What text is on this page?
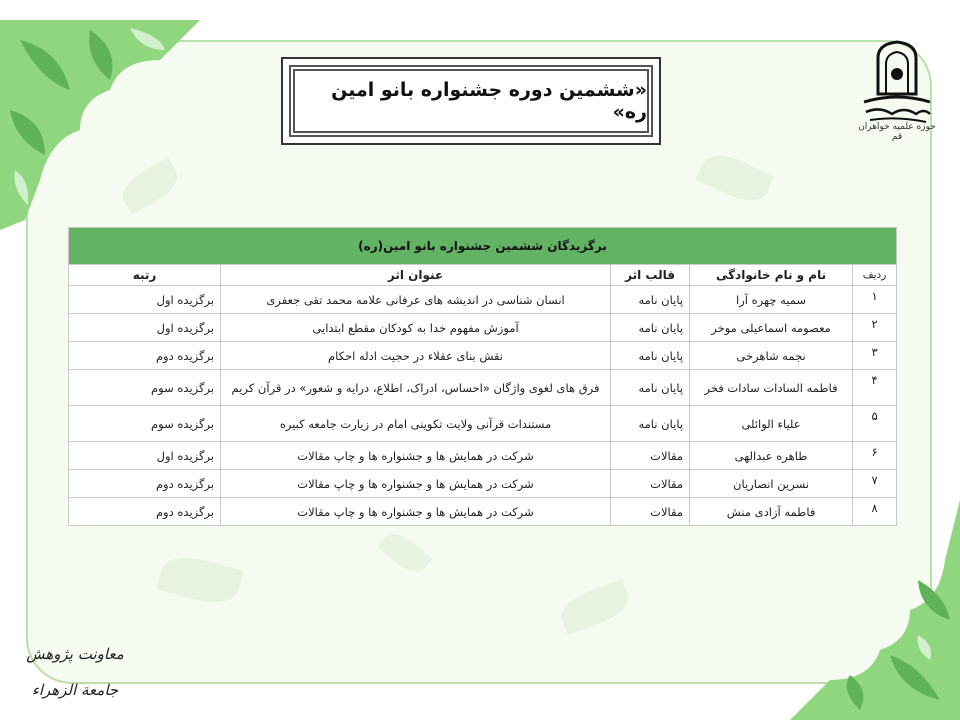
حوزه علمیه خواهران قم
«ششمین دوره جشنواره بانو امین ره»
برگزیدگان ششمین جشنواره بانو امین(ره)				
ردیف	نام و نام خانوادگی	قالب اثر	عنوان اثر	رتبه
۱	سمیه چهره آرا	پایان نامه	انسان شناسی در اندیشه های عرفانی علامه محمد تقی جعفری	برگزیده اول
۲	معصومه اسماعیلی موخر	پایان نامه	آموزش مفهوم خدا به کودکان مقطع ابتدایی	برگزیده اول
۳	نجمه شاهرخی	پایان نامه	نقش بنای عقلاء در حجیت ادله احکام	برگزیده دوم
۴	فاطمه السادات سادات فخر	پایان نامه	فرق های لغوی واژگان «احساس، ادراک، اطلاع، درایه و شعور» در قرآن کریم	برگزیده سوم
۵	علیاء الوائلی	پایان نامه	مستندات قرآنی ولایت تکوینی امام در زیارت جامعه کبیره	برگزیده سوم
۶	طاهره عبدالهی	مقالات	شرکت در همایش ها و جشنواره ها و چاپ مقالات	برگزیده اول
۷	نسرین انصاریان	مقالات	شرکت در همایش ها و جشنواره ها و چاپ مقالات	برگزیده دوم
۸	فاطمه آزادی منش	مقالات	شرکت در همایش ها و جشنواره ها و چاپ مقالات	برگزیده دوم
معاونت پژوهش جامعة الزهراء
